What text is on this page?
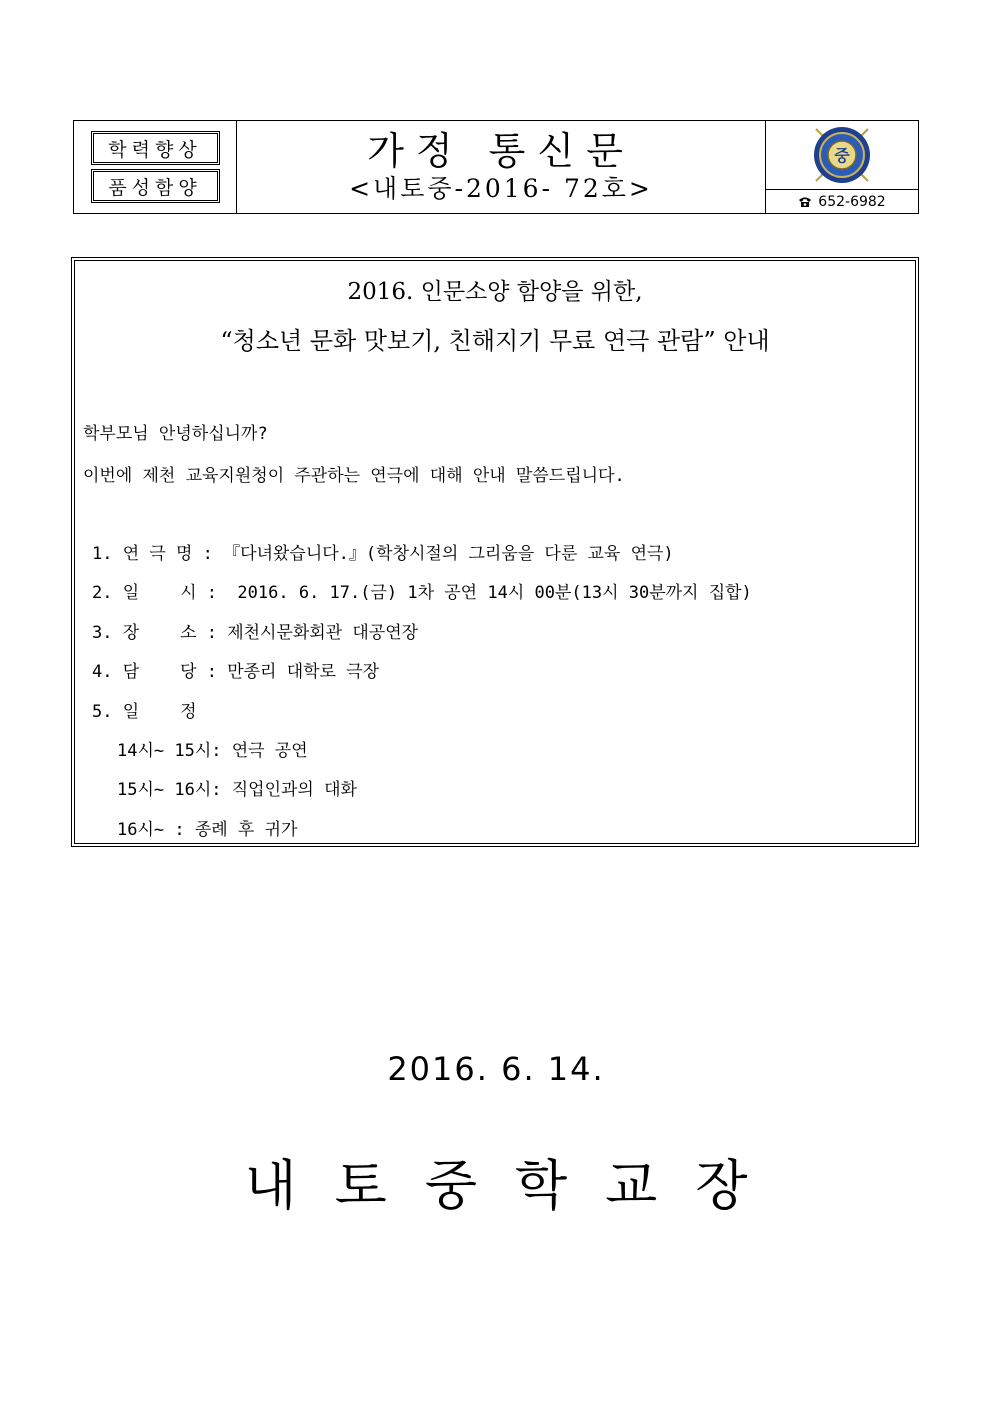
학력향상
품성함양
가정 통신문
<내토중-2016- 72호>
중
652-6982
2016. 인문소양 함양을 위한,
“청소년 문화 맛보기, 친해지기 무료 연극 관람” 안내
학부모님 안녕하십니까?
이번에 제천 교육지원청이 주관하는 연극에 대해 안내 말씀드립니다.
1. 연 극 명 : 『다녀왔습니다.』(학창시절의 그리움을 다룬 교육 연극)
2. 일    시 :  2016. 6. 17.(금) 1차 공연 14시 00분(13시 30분까지 집합)
3. 장    소 : 제천시문화회관 대공연장
4. 담    당 : 만종리 대학로 극장
5. 일    정
14시~ 15시: 연극 공연
15시~ 16시: 직업인과의 대화
16시~ : 종례 후 귀가
2016. 6. 14.
내토중학교장
